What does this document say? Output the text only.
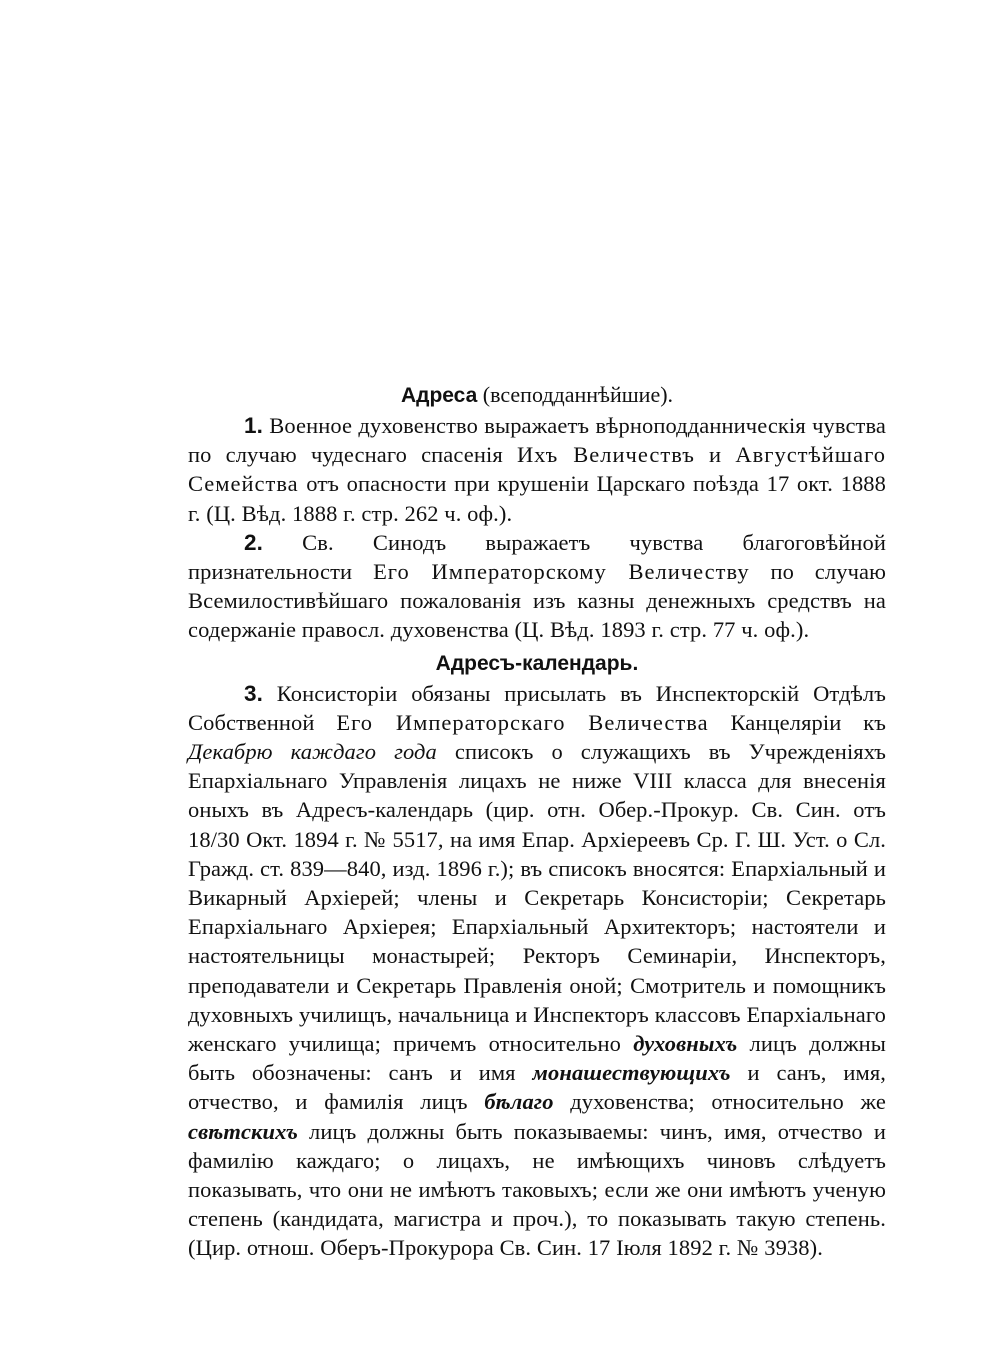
Адреса (всеподданнѣйшие).

1. Военное духовенство выражаетъ вѣрноподданническія чувства по случаю чудеснаго спасенія Ихъ Величествъ и Августѣйшаго Семейства отъ опасности при крушеніи Царскаго поѣзда 17 окт. 1888 г. (Ц. Вѣд. 1888 г. стр. 262 ч. оф.).

2. Св. Синодъ выражаетъ чувства благоговѣйной признательности Его Императорскому Величеству по случаю Всемилостивѣйшаго пожалованія изъ казны денежныхъ средствъ на содержаніе правосл. духовенства (Ц. Вѣд. 1893 г. стр. 77 ч. оф.).

Адресъ-календарь.

3. Консисторіи обязаны присылать въ Инспекторскій Отдѣлъ Собственной Его Императорскаго Величества Канцеляріи къ Декабрю каждаго года списокъ о служащихъ въ Учрежденіяхъ Епархіальнаго Управленія лицахъ не ниже VIII класса для внесенія оныхъ въ Адресъ-календарь (цир. отн. Обер.-Прокур. Св. Син. отъ 18/30 Окт. 1894 г. № 5517, на имя Епар. Архіереевъ Ср. Г. Ш. Уст. о Сл. Гражд. ст. 839—840, изд. 1896 г.); въ списокъ вносятся: Епархіальный и Викарный Архіерей; члены и Секретарь Консисторіи; Секретарь Епархіальнаго Архіерея; Епархіальный Архитекторъ; настоятели и настоятельницы монастырей; Ректоръ Семинаріи, Инспекторъ, преподаватели и Секретарь Правленія оной; Смотритель и помощникъ духовныхъ училищъ, начальница и Инспекторъ классовъ Епархіальнаго женскаго училища; причемъ относительно духовныхъ лицъ должны быть обозначены: санъ и имя монашествующихъ и санъ, имя, отчество, и фамилія лицъ бѣлаго духовенства; относительно же свѣтскихъ лицъ должны быть показываемы: чинъ, имя, отчество и фамилію каждаго; о лицахъ, не имѣющихъ чиновъ слѣдуетъ показывать, что они не имѣютъ таковыхъ; если же они имѣютъ ученую степень (кандидата, магистра и проч.), то показывать такую степень. (Цир. отнош. Оберъ-Прокурора Св. Син. 17 Іюля 1892 г. № 3938).
